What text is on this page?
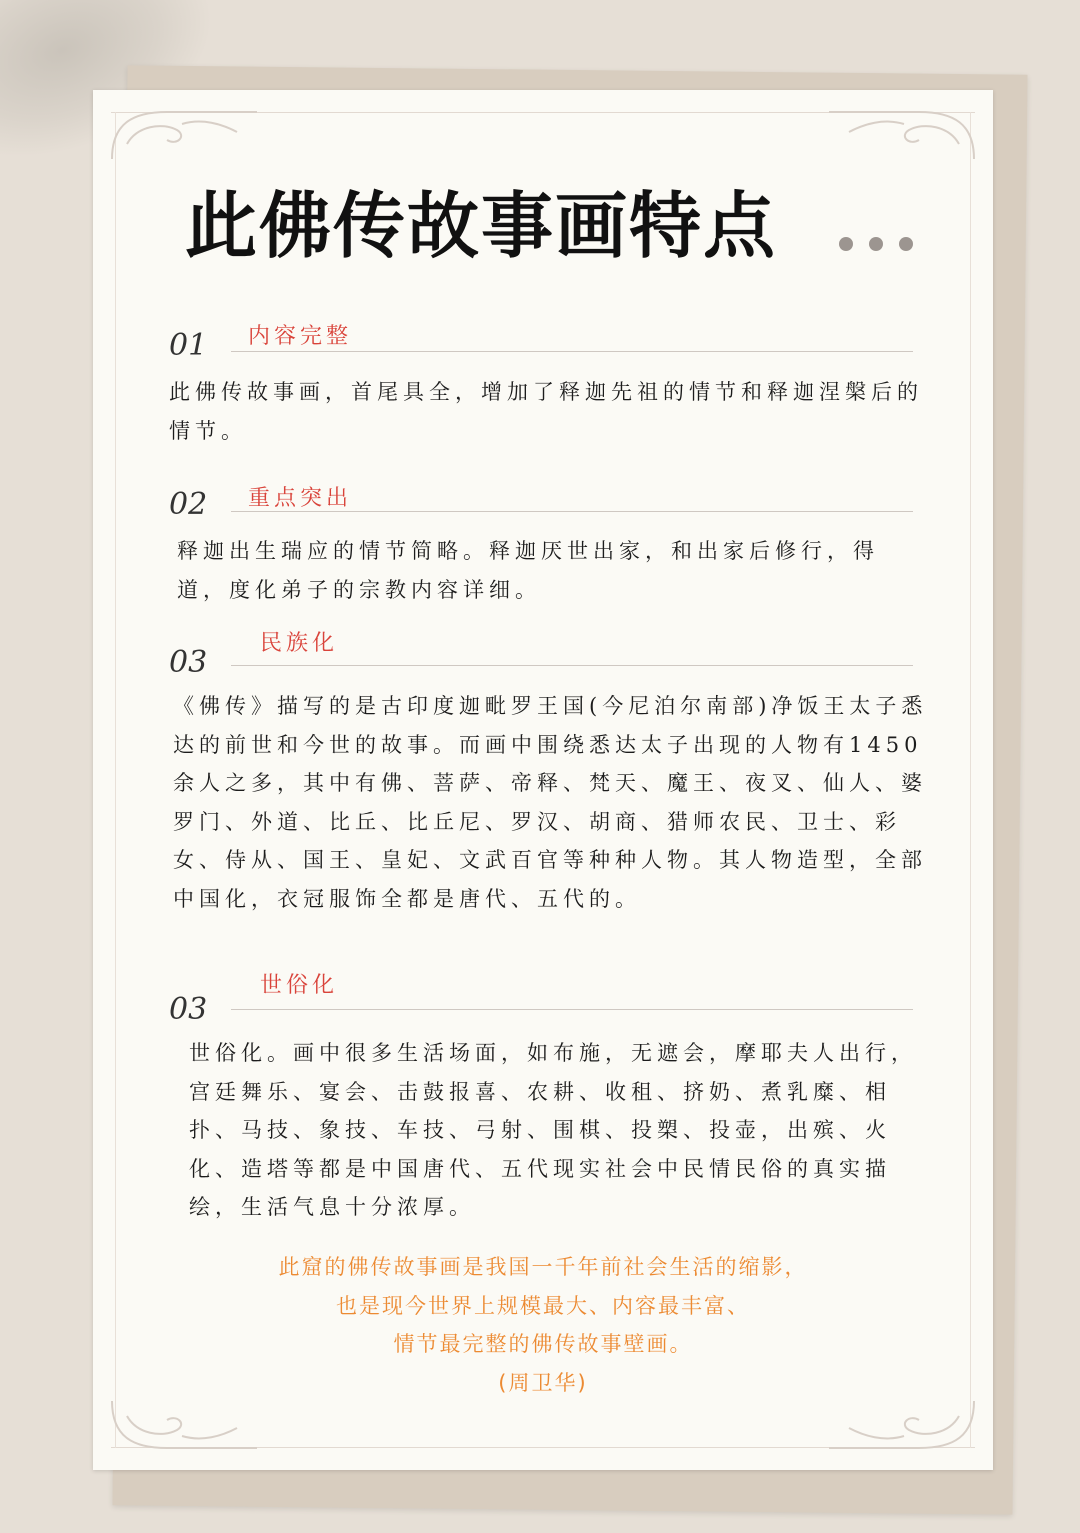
此佛传故事画特点
01 内容完整
此佛传故事画，首尾具全，增加了释迦先祖的情节和释迦涅槃后的情节。
02 重点突出
释迦出生瑞应的情节简略。释迦厌世出家，和出家后修行，得道，度化弟子的宗教内容详细。
03
民族化
《佛传》描写的是古印度迦毗罗王国(今尼泊尔南部)净饭王太子悉达的前世和今世的故事。而画中围绕悉达太子出现的人物有1450余人之多，其中有佛、菩萨、帝释、梵天、魔王、夜叉、仙人、婆罗门、外道、比丘、比丘尼、罗汉、胡商、猎师农民、卫士、彩女、侍从、国王、皇妃、文武百官等种种人物。其人物造型，全部中国化，衣冠服饰全都是唐代、五代的。
03
世俗化
世俗化。画中很多生活场面，如布施，无遮会，摩耶夫人出行，宫廷舞乐、宴会、击鼓报喜、农耕、收租、挤奶、煮乳糜、相扑、马技、象技、车技、弓射、围棋、投槊、投壶，出殡、火化、造塔等都是中国唐代、五代现实社会中民情民俗的真实描绘，生活气息十分浓厚。
此窟的佛传故事画是我国一千年前社会生活的缩影，
也是现今世界上规模最大、内容最丰富、
情节最完整的佛传故事壁画。
(周卫华)
